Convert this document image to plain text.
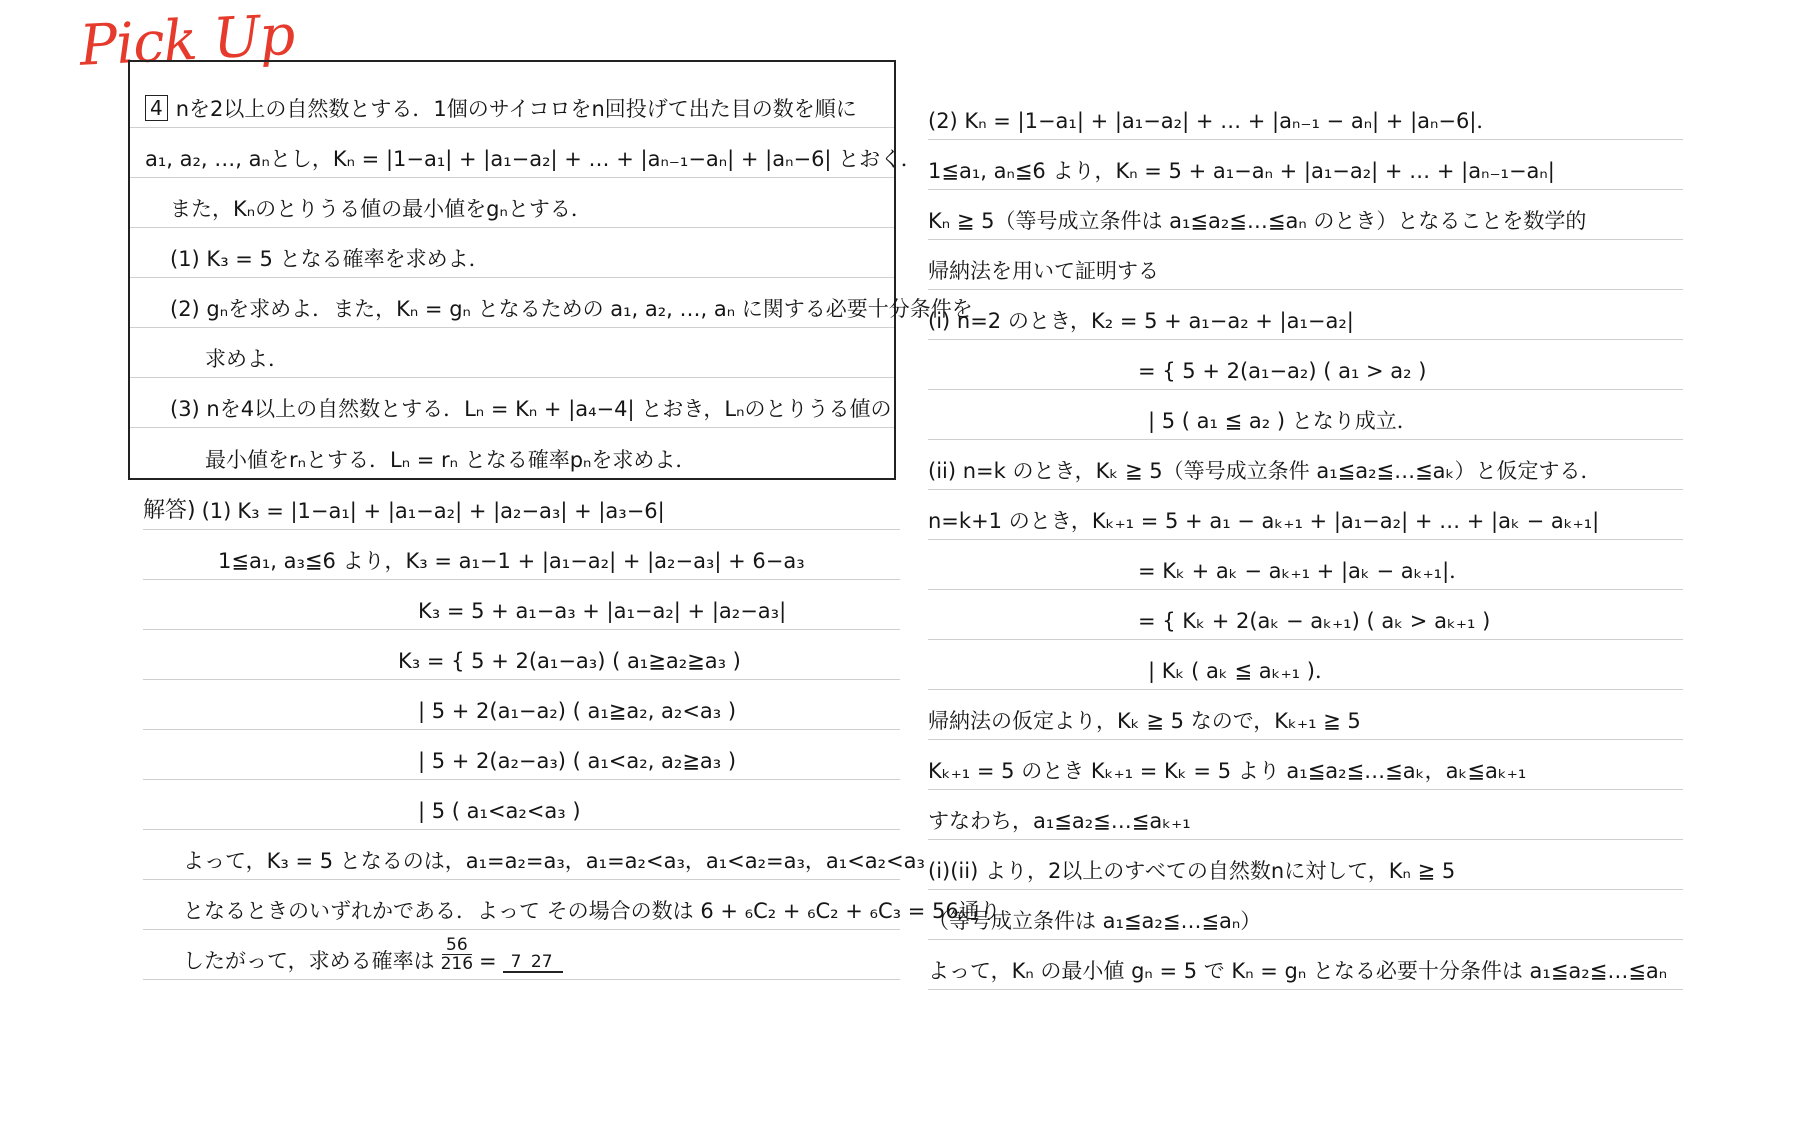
Pick Up
4 nを2以上の自然数とする．1個のサイコロをn回投げて出た目の数を順に
a₁, a₂, …, aₙとし，Kₙ = |1−a₁| + |a₁−a₂| + … + |aₙ₋₁−aₙ| + |aₙ−6| とおく．
また，Kₙのとりうる値の最小値をgₙとする．
(1) K₃ = 5 となる確率を求めよ．
(2) gₙを求めよ．また，Kₙ = gₙ となるための a₁, a₂, …, aₙ に関する必要十分条件を
求めよ．
(3) nを4以上の自然数とする．Lₙ = Kₙ + |a₄−4| とおき，Lₙのとりうる値の
最小値をrₙとする．Lₙ = rₙ となる確率pₙを求めよ．
解答) (1) K₃ = |1−a₁| + |a₁−a₂| + |a₂−a₃| + |a₃−6|
1≦a₁, a₃≦6 より，K₃ = a₁−1 + |a₁−a₂| + |a₂−a₃| + 6−a₃
K₃ = 5 + a₁−a₃ + |a₁−a₂| + |a₂−a₃|
K₃ = { 5 + 2(a₁−a₃) ( a₁≧a₂≧a₃ )
| 5 + 2(a₁−a₂) ( a₁≧a₂, a₂<a₃ )
| 5 + 2(a₂−a₃) ( a₁<a₂, a₂≧a₃ )
| 5 ( a₁<a₂<a₃ )
よって，K₃ = 5 となるのは，a₁=a₂=a₃，a₁=a₂<a₃，a₁<a₂=a₃，a₁<a₂<a₃
となるときのいずれかである．よって その場合の数は 6 + ₆C₂ + ₆C₂ + ₆C₃ = 56通り
したがって，求める確率は $\frac{56}{216} = 7$ 27
(2) Kₙ = |1−a₁| + |a₁−a₂| + … + |aₙ₋₁ − aₙ| + |aₙ−6|．
1≦a₁, aₙ≦6 より，Kₙ = 5 + a₁−aₙ + |a₁−a₂| + … + |aₙ₋₁−aₙ|
Kₙ ≧ 5（等号成立条件は a₁≦a₂≦…≦aₙ のとき）となることを数学的
帰納法を用いて証明する
(i) n=2 のとき，K₂ = 5 + a₁−a₂ + |a₁−a₂|
= { 5 + 2(a₁−a₂) ( a₁ > a₂ )
| 5 ( a₁ ≦ a₂ ) となり成立．
(ii) n=k のとき，Kₖ ≧ 5（等号成立条件 a₁≦a₂≦…≦aₖ）と仮定する．
n=k+1 のとき，Kₖ₊₁ = 5 + a₁ − aₖ₊₁ + |a₁−a₂| + … + |aₖ − aₖ₊₁|
= Kₖ + aₖ − aₖ₊₁ + |aₖ − aₖ₊₁|．
= { Kₖ + 2(aₖ − aₖ₊₁) ( aₖ > aₖ₊₁ )
| Kₖ ( aₖ ≦ aₖ₊₁ )．
帰納法の仮定より，Kₖ ≧ 5 なので，Kₖ₊₁ ≧ 5
Kₖ₊₁ = 5 のとき Kₖ₊₁ = Kₖ = 5 より a₁≦a₂≦…≦aₖ，aₖ≦aₖ₊₁
すなわち，a₁≦a₂≦…≦aₖ₊₁
(i)(ii) より，2以上のすべての自然数nに対して，Kₙ ≧ 5
（等号成立条件は a₁≦a₂≦…≦aₙ）
よって，Kₙ の最小値 gₙ = 5 で Kₙ = gₙ となる必要十分条件は a₁≦a₂≦…≦aₙ
